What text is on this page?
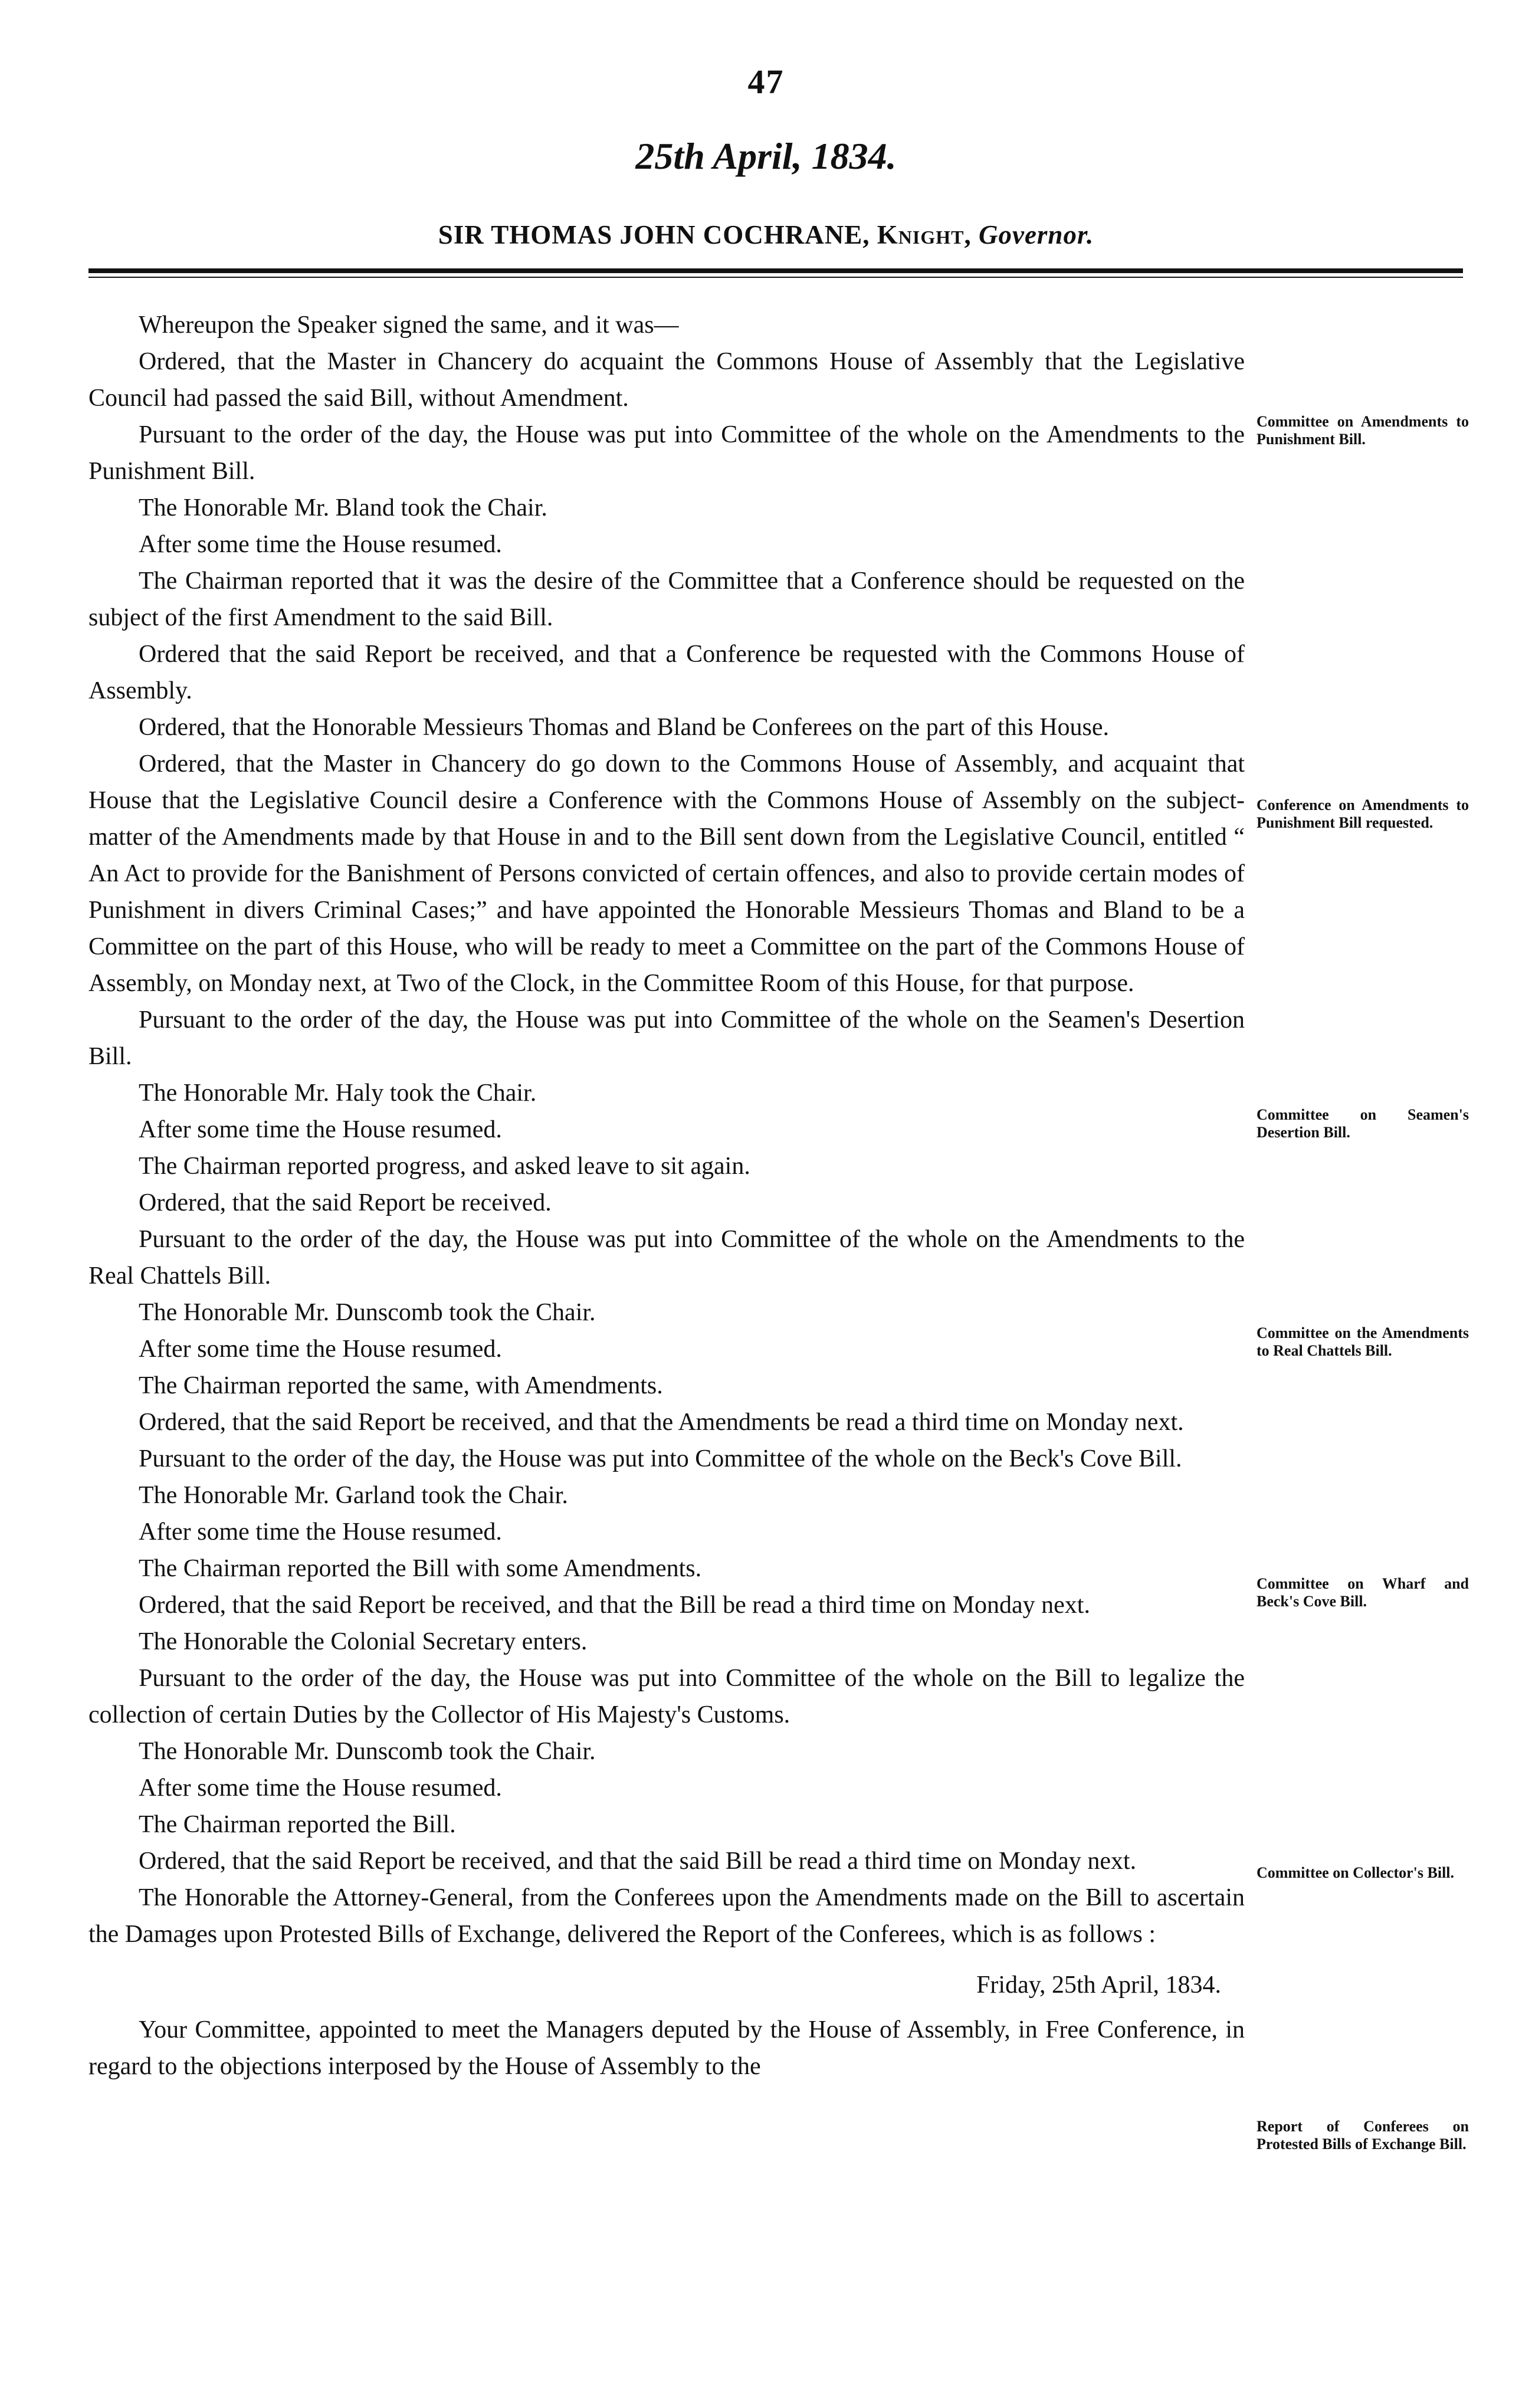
47
25th April, 1834.
SIR THOMAS JOHN COCHRANE, Knight, Governor.

Whereupon the Speaker signed the same, and it was—

Ordered, that the Master in Chancery do acquaint the Commons House of Assembly that the Legislative Council had passed the said Bill, without Amendment.

Pursuant to the order of the day, the House was put into Committee of the whole on the Amendments to the Punishment Bill.

The Honorable Mr. Bland took the Chair.

After some time the House resumed.

The Chairman reported that it was the desire of the Committee that a Conference should be requested on the subject of the first Amendment to the said Bill.

Ordered that the said Report be received, and that a Conference be requested with the Commons House of Assembly.

Ordered, that the Honorable Messieurs Thomas and Bland be Conferees on the part of this House.

Ordered, that the Master in Chancery do go down to the Commons House of Assembly, and acquaint that House that the Legislative Council desire a Conference with the Commons House of Assembly on the subject-matter of the Amendments made by that House in and to the Bill sent down from the Legislative Council, entitled “ An Act to provide for the Banishment of Persons convicted of certain offences, and also to provide certain modes of Punishment in divers Criminal Cases;” and have appointed the Honorable Messieurs Thomas and Bland to be a Committee on the part of this House, who will be ready to meet a Committee on the part of the Commons House of Assembly, on Monday next, at Two of the Clock, in the Committee Room of this House, for that purpose.

Pursuant to the order of the day, the House was put into Committee of the whole on the Seamen's Desertion Bill.

The Honorable Mr. Haly took the Chair.

After some time the House resumed.

The Chairman reported progress, and asked leave to sit again.

Ordered, that the said Report be received.

Pursuant to the order of the day, the House was put into Committee of the whole on the Amendments to the Real Chattels Bill.

The Honorable Mr. Dunscomb took the Chair.

After some time the House resumed.

The Chairman reported the same, with Amendments.

Ordered, that the said Report be received, and that the Amendments be read a third time on Monday next.

Pursuant to the order of the day, the House was put into Committee of the whole on the Beck's Cove Bill.

The Honorable Mr. Garland took the Chair.

After some time the House resumed.

The Chairman reported the Bill with some Amendments.

Ordered, that the said Report be received, and that the Bill be read a third time on Monday next.

The Honorable the Colonial Secretary enters.

Pursuant to the order of the day, the House was put into Committee of the whole on the Bill to legalize the collection of certain Duties by the Collector of His Majesty's Customs.

The Honorable Mr. Dunscomb took the Chair.

After some time the House resumed.

The Chairman reported the Bill.

Ordered, that the said Report be received, and that the said Bill be read a third time on Monday next.

The Honorable the Attorney-General, from the Conferees upon the Amendments made on the Bill to ascertain the Damages upon Protested Bills of Exchange, delivered the Report of the Conferees, which is as follows :

Friday, 25th April, 1834.

Your Committee, appointed to meet the Managers deputed by the House of Assembly, in Free Conference, in regard to the objections interposed by the House of Assembly to the

Committee on Amendments to Punishment Bill.
Conference on Amendments to Punishment Bill requested.
Committee on Seamen's Desertion Bill.
Committee on the Amendments to Real Chattels Bill.
Committee on Wharf and Beck's Cove Bill.
Committee on Collector's Bill.
Report of Conferees on Protested Bills of Exchange Bill.
